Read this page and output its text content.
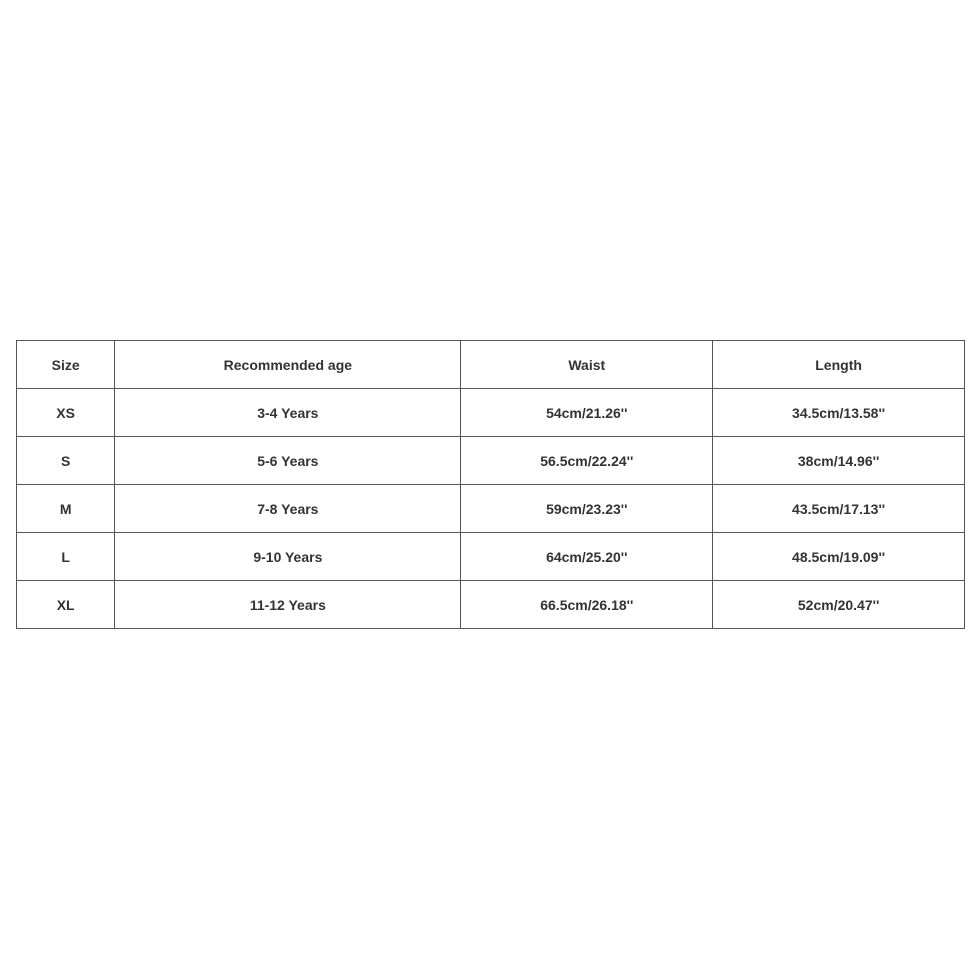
Size	Recommended age	Waist	Length
XS	3-4 Years	54cm/21.26''	34.5cm/13.58''
S	5-6 Years	56.5cm/22.24''	38cm/14.96''
M	7-8 Years	59cm/23.23''	43.5cm/17.13''
L	9-10 Years	64cm/25.20''	48.5cm/19.09''
XL	11-12 Years	66.5cm/26.18''	52cm/20.47''
